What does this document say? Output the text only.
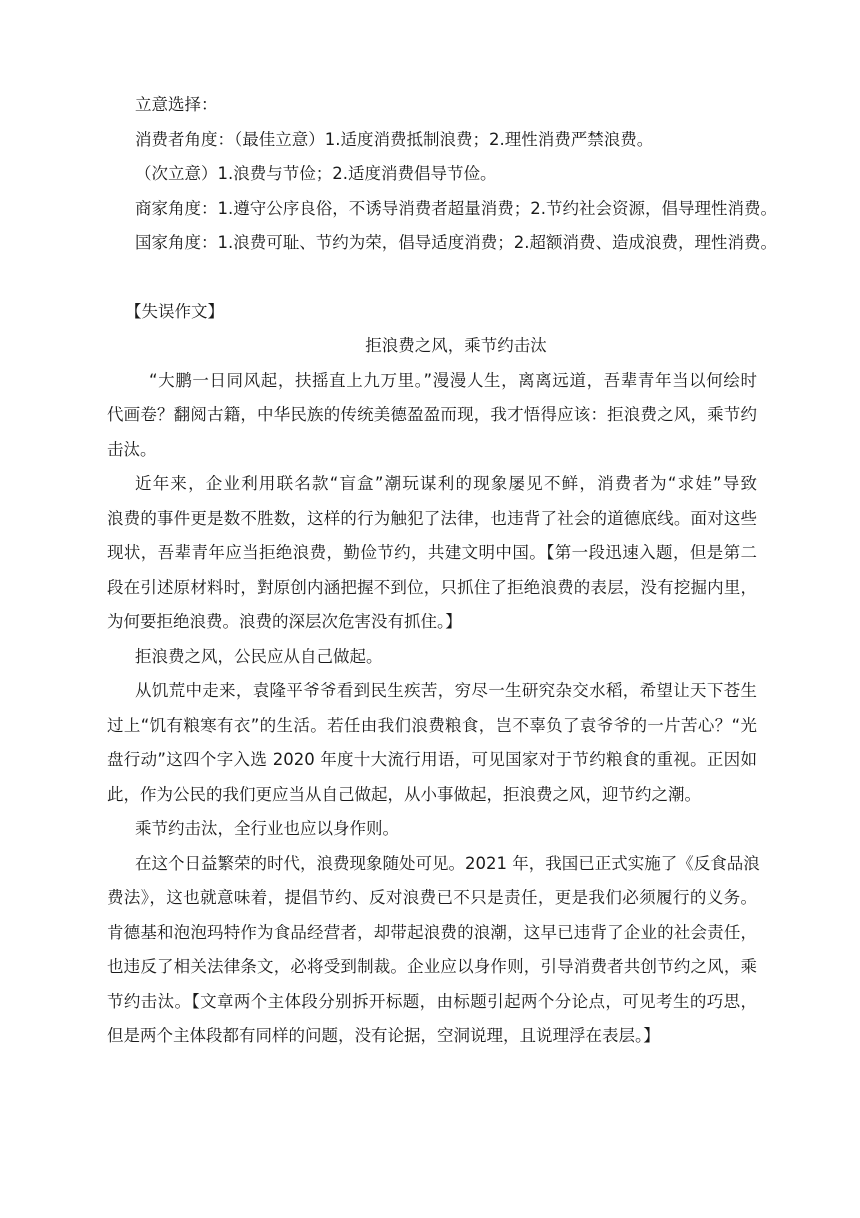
立意选择：
消费者角度：（最佳立意）1.适度消费抵制浪费；2.理性消费严禁浪费。
（次立意）1.浪费与节俭；2.适度消费倡导节俭。
商家角度：1.遵守公序良俗，不诱导消费者超量消费；2.节约社会资源，倡导理性消费。
国家角度：1.浪费可耻、节约为荣，倡导适度消费；2.超额消费、造成浪费，理性消费。
【失误作文】
拒浪费之风，乘节约击汰
“大鹏一日同风起，扶摇直上九万里。”漫漫人生，离离远道，吾辈青年当以何绘时
代画卷？翻阅古籍，中华民族的传统美德盈盈而现，我才悟得应该：拒浪费之风，乘节约
击汰。
近年来，企业利用联名款“盲盒”潮玩谋利的现象屡见不鲜，消费者为“求娃”导致
浪费的事件更是数不胜数，这样的行为触犯了法律，也违背了社会的道德底线。面对这些
现状，吾辈青年应当拒绝浪费，勤俭节约，共建文明中国。【第一段迅速入题，但是第二
段在引述原材料时，對原创内涵把握不到位，只抓住了拒绝浪费的表层，没有挖掘内里，
为何要拒绝浪费。浪费的深层次危害没有抓住。】
拒浪费之风，公民应从自己做起。
从饥荒中走来，袁隆平爷爷看到民生疾苦，穷尽一生研究杂交水稻，希望让天下苍生
过上“饥有粮寒有衣”的生活。若任由我们浪费粮食，岂不辜负了袁爷爷的一片苦心？“光
盘行动”这四个字入选 2020 年度十大流行用语，可见国家对于节约粮食的重视。正因如
此，作为公民的我们更应当从自己做起，从小事做起，拒浪费之风，迎节约之潮。
乘节约击汰，全行业也应以身作则。
在这个日益繁荣的时代，浪费现象随处可见。2021 年，我国已正式实施了《反食品浪
费法》，这也就意味着，提倡节约、反对浪费已不只是责任，更是我们必须履行的义务。
肯德基和泡泡玛特作为食品经营者，却带起浪费的浪潮，这早已违背了企业的社会责任，
也违反了相关法律条文，必将受到制裁。企业应以身作则，引导消费者共创节约之风，乘
节约击汰。【文章两个主体段分别拆开标题，由标题引起两个分论点，可见考生的巧思，
但是两个主体段都有同样的问题，没有论据，空洞说理，且说理浮在表层。】
